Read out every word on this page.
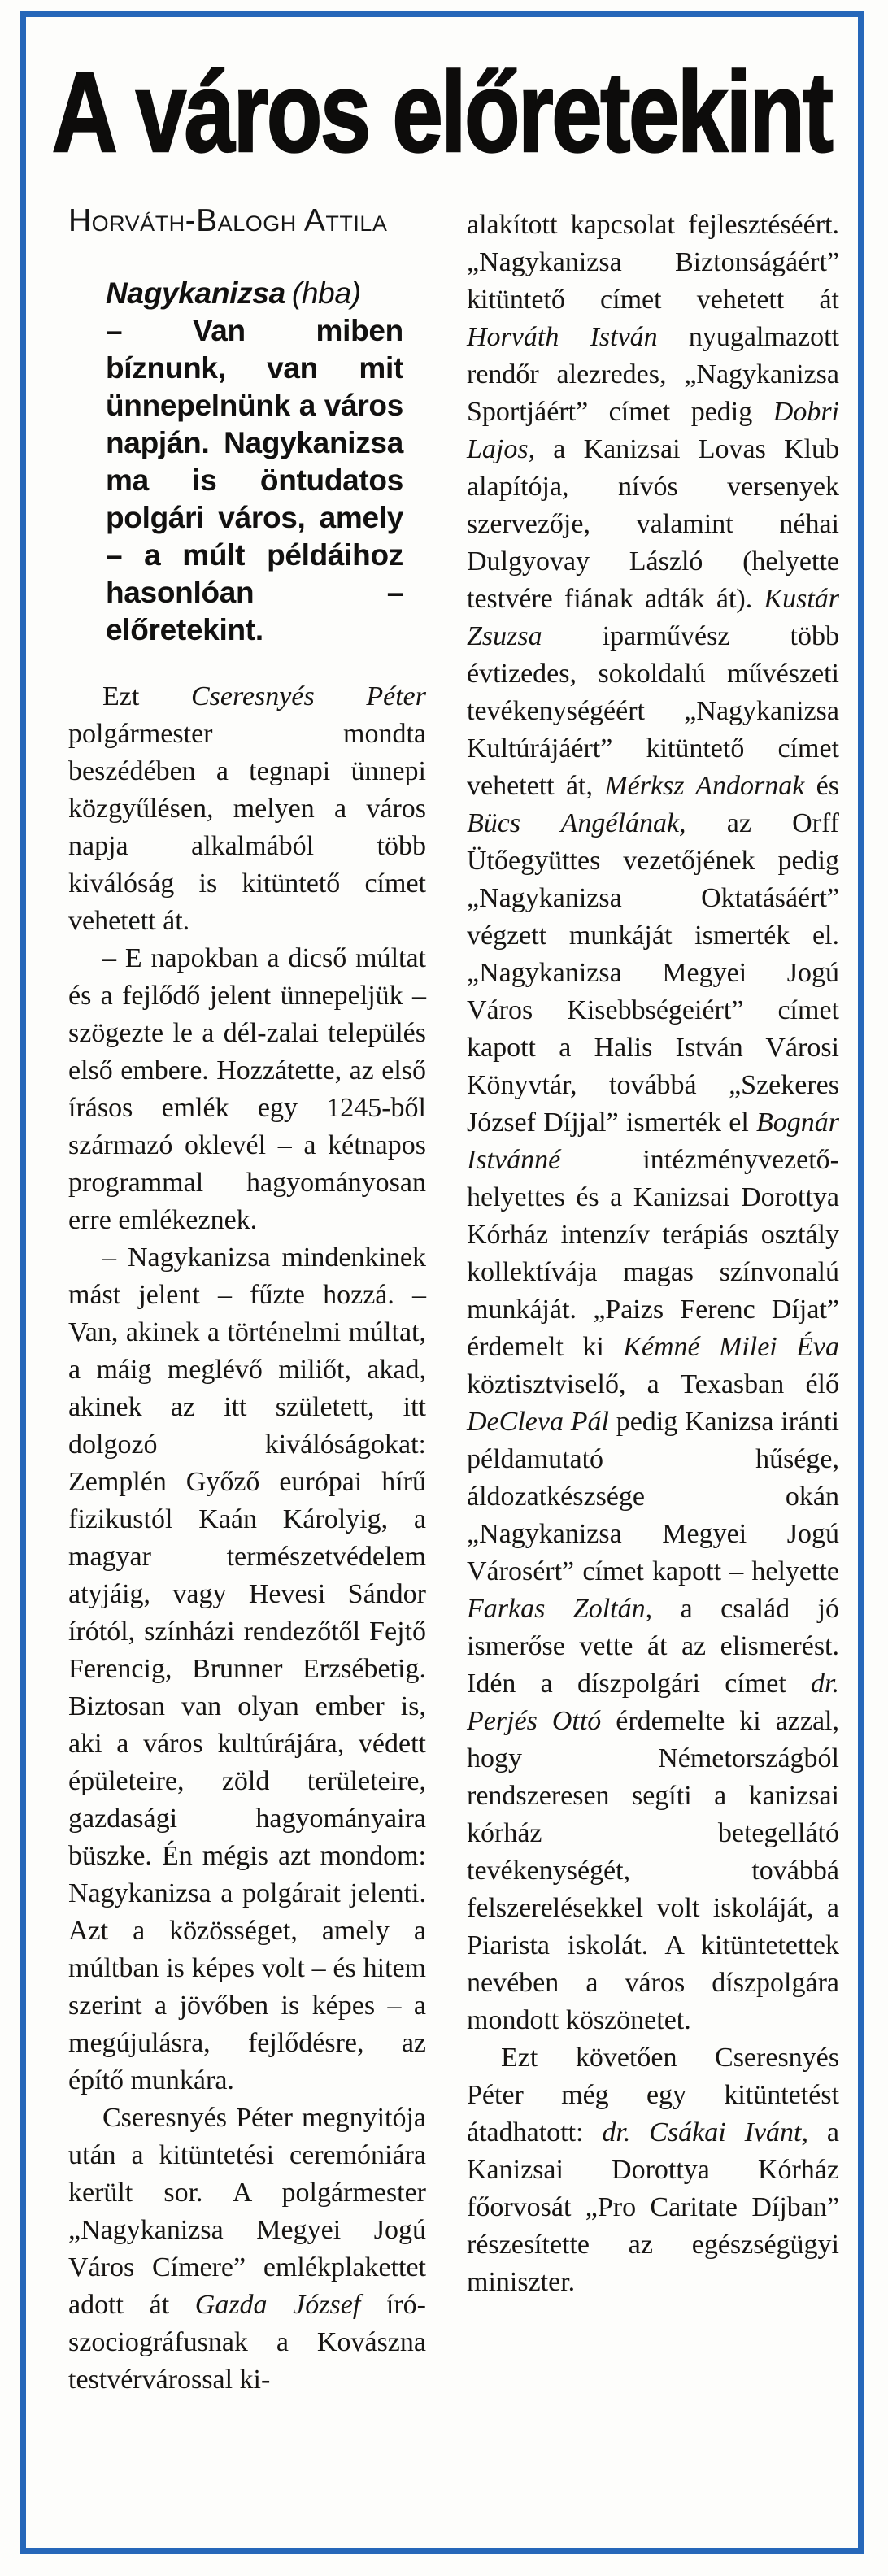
A város előretekint
Horváth-Balogh Attila
Nagykanizsa (hba)
– Van miben bíznunk, van mit ünnepelnünk a város napján. Nagykanizsa ma is öntudatos polgári város, amely – a múlt példáihoz hasonlóan – előretekint.

Ezt Cseresnyés Péter polgármester mondta beszédében a tegnapi ünnepi közgyűlésen, melyen a város napja alkalmából több kiválóság is kitüntető címet vehetett át.

– E napokban a dicső múltat és a fejlődő jelent ünnepeljük – szögezte le a dél-zalai település első embere. Hozzátette, az első írásos emlék egy 1245-ből származó oklevél – a kétnapos programmal hagyományosan erre emlékeznek.

– Nagykanizsa mindenkinek mást jelent – fűzte hozzá. – Van, akinek a történelmi múltat, a máig meglévő miliőt, akad, akinek az itt született, itt dolgozó kiválóságokat: Zemplén Győző európai hírű fizikustól Kaán Károlyig, a magyar természetvédelem atyjáig, vagy Hevesi Sándor írótól, színházi rendezőtől Fejtő Ferencig, Brunner Erzsébetig. Biztosan van olyan ember is, aki a város kultúrájára, védett épületeire, zöld területeire, gazdasági hagyományaira büszke. Én mégis azt mondom: Nagykanizsa a polgárait jelenti. Azt a közösséget, amely a múltban is képes volt – és hitem szerint a jövőben is képes – a megújulásra, fejlődésre, az építő munkára.

Cseresnyés Péter megnyitója után a kitüntetési ceremóniára került sor. A polgármester „Nagykanizsa Megyei Jogú Város Címere” emlékplakettet adott át Gazda József író-szociográfusnak a Kovászna testvérvárossal ki-

alakított kapcsolat fejlesztéséért. „Nagykanizsa Biztonságáért” kitüntető címet vehetett át Horváth István nyugalmazott rendőr alezredes, „Nagykanizsa Sportjáért” címet pedig Dobri Lajos, a Kanizsai Lovas Klub alapítója, nívós versenyek szervezője, valamint néhai Dulgyovay László (helyette testvére fiának adták át). Kustár Zsuzsa iparművész több évtizedes, sokoldalú művészeti tevékenységéért „Nagykanizsa Kultúrájáért” kitüntető címet vehetett át, Mérksz Andornak és Bücs Angélának, az Orff Ütőegyüttes vezetőjének pedig „Nagykanizsa Oktatásáért” végzett munkáját ismerték el. „Nagykanizsa Megyei Jogú Város Kisebbségeiért” címet kapott a Halis István Városi Könyvtár, továbbá „Szekeres József Díjjal” ismerték el Bognár Istvánné intézményvezető-helyettes és a Kanizsai Dorottya Kórház intenzív terápiás osztály kollektívája magas színvonalú munkáját. „Paizs Ferenc Díjat” érdemelt ki Kémné Milei Éva köztisztviselő, a Texasban élő DeCleva Pál pedig Kanizsa iránti példamutató hűsége, áldozatkészsége okán „Nagykanizsa Megyei Jogú Városért” címet kapott – helyette Farkas Zoltán, a család jó ismerőse vette át az elismerést. Idén a díszpolgári címet dr. Perjés Ottó érdemelte ki azzal, hogy Németországból rendszeresen segíti a kanizsai kórház betegellátó tevékenységét, továbbá felszerelésekkel volt iskoláját, a Piarista iskolát. A kitüntetettek nevében a város díszpolgára mondott köszönetet.

Ezt követően Cseresnyés Péter még egy kitüntetést átadhatott: dr. Csákai Ivánt, a Kanizsai Dorottya Kórház főorvosát „Pro Caritate Díjban” részesítette az egészségügyi miniszter.
